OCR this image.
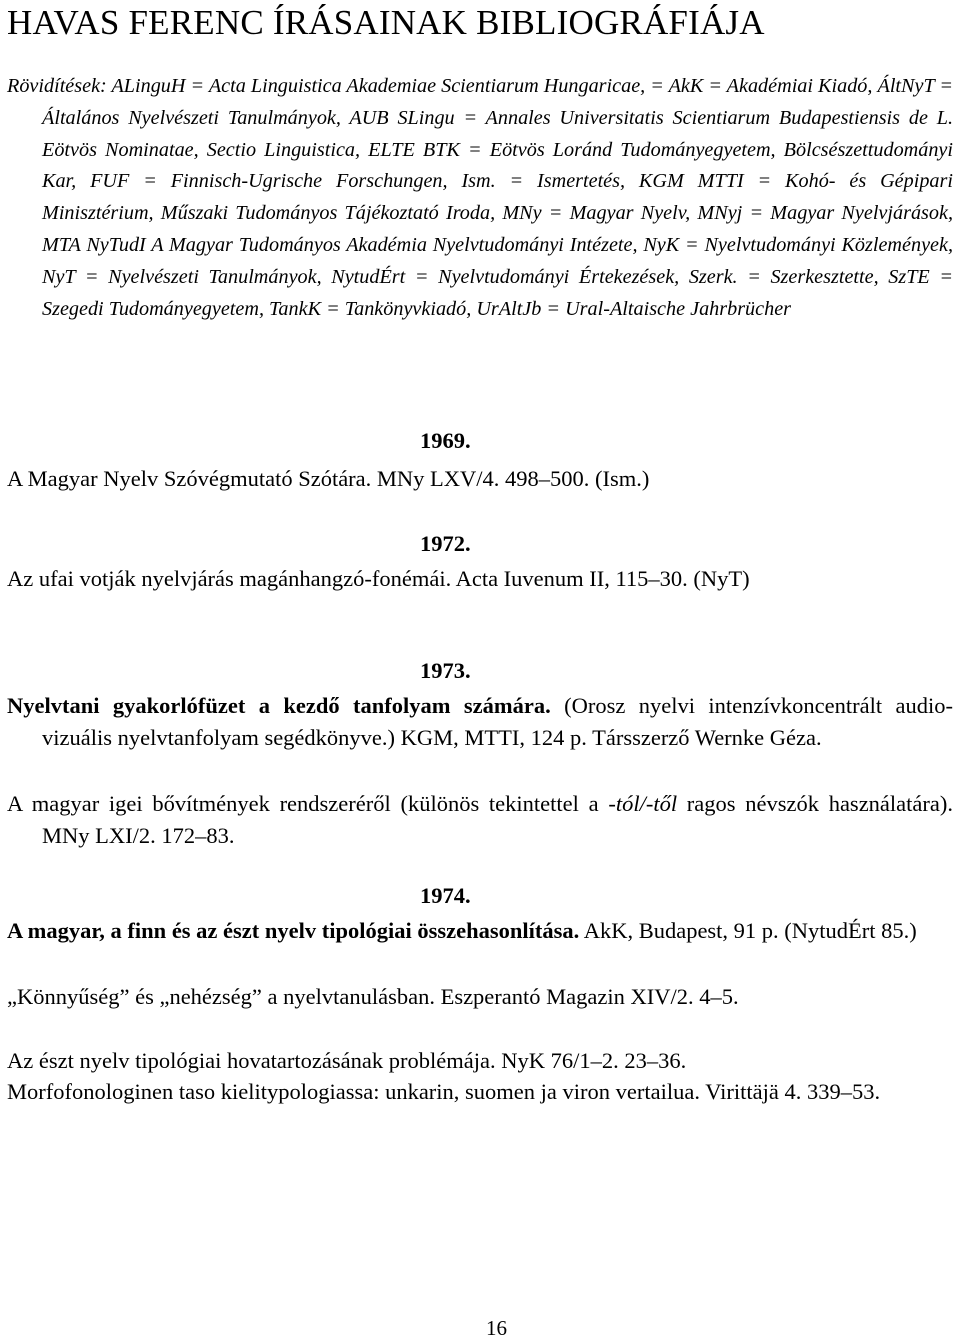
HAVAS FERENC ÍRÁSAINAK BIBLIOGRÁFIÁJA

Rövidítések: ALinguH = Acta Linguistica Akademiae Scientiarum Hungaricae, = AkK = Akadémiai Kiadó, ÁltNyT = Általános Nyelvészeti Tanulmányok, AUB SLingu = Annales Universitatis Scientiarum Budapestiensis de L. Eötvös Nominatae, Sectio Linguistica, ELTE BTK = Eötvös Loránd Tudományegyetem, Bölcsészettudományi Kar, FUF = Finnisch-Ugrische Forschungen, Ism. = Ismertetés, KGM MTTI = Kohó- és Gépipari Minisztérium, Műszaki Tudományos Tájékoztató Iroda, MNy = Magyar Nyelv, MNyj = Magyar Nyelvjárások, MTA NyTudI A Magyar Tudományos Akadémia Nyelvtudományi Intézete, NyK = Nyelvtudományi Közlemények, NyT = Nyelvészeti Tanulmányok, NytudÉrt = Nyelvtudományi Értekezések, Szerk. = Szerkesztette, SzTE = Szegedi Tudományegyetem, TankK = Tankönyvkiadó, UrAltJb = Ural-Altaische Jahrbrücher

1969.

A Magyar Nyelv Szóvégmutató Szótára. MNy LXV/4. 498–500. (Ism.)

1972.

Az ufai votják nyelvjárás magánhangzó-fonémái. Acta Iuvenum II, 115–30. (NyT)

1973.

Nyelvtani gyakorlófüzet a kezdő tanfolyam számára. (Orosz nyelvi intenzívkoncentrált audio-vizuális nyelvtanfolyam segédkönyve.) KGM, MTTI, 124 p. Társszerző Wernke Géza.

A magyar igei bővítmények rendszeréről (különös tekintettel a -tól/-től ragos névszók használatára). MNy LXI/2. 172–83.

1974.

A magyar, a finn és az észt nyelv tipológiai összehasonlítása. AkK, Budapest, 91 p. (NytudÉrt 85.)

„Könnyűség” és „nehézség” a nyelvtanulásban. Eszperantó Magazin XIV/2. 4–5.

Az észt nyelv tipológiai hovatartozásának problémája. NyK 76/1–2. 23–36.

Morfofonologinen taso kielitypologiassa: unkarin, suomen ja viron vertailua. Virittäjä 4. 339–53.

16
